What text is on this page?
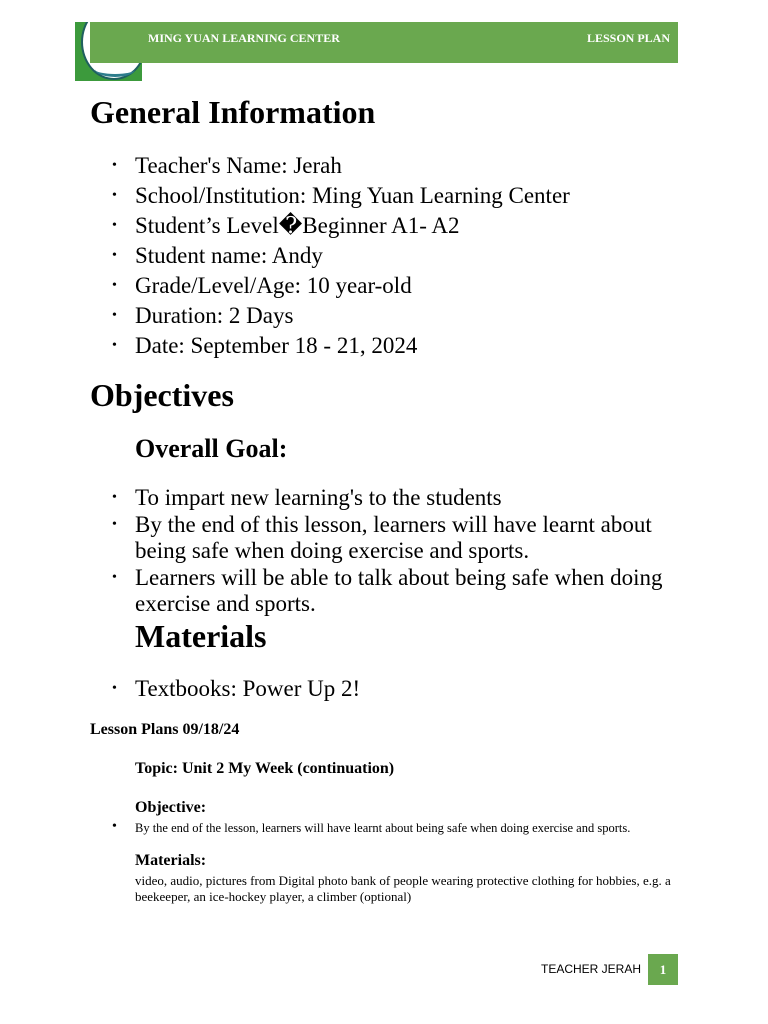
MING YUAN LEARNING CENTER	LESSON PLAN
General Information
• Teacher's Name: Jerah
• School/Institution: Ming Yuan Learning Center
• Student’s Level�Beginner A1- A2
• Student name: Andy
• Grade/Level/Age: 10 year-old
• Duration: 2 Days
• Date: September 18 - 21, 2024
Objectives
Overall Goal:
• To impart new learning's to the students
• By the end of this lesson, learners will have learnt about being safe when doing exercise and sports.
• Learners will be able to talk about being safe when doing exercise and sports.
Materials
• Textbooks: Power Up 2!
Lesson Plans 09/18/24
Topic: Unit 2 My Week (continuation)
Objective:
• By the end of the lesson, learners will have learnt about being safe when doing exercise and sports.
Materials:
video, audio, pictures from Digital photo bank of people wearing protective clothing for hobbies, e.g. a beekeeper, an ice-hockey player, a climber (optional)
TEACHER JERAH	1
